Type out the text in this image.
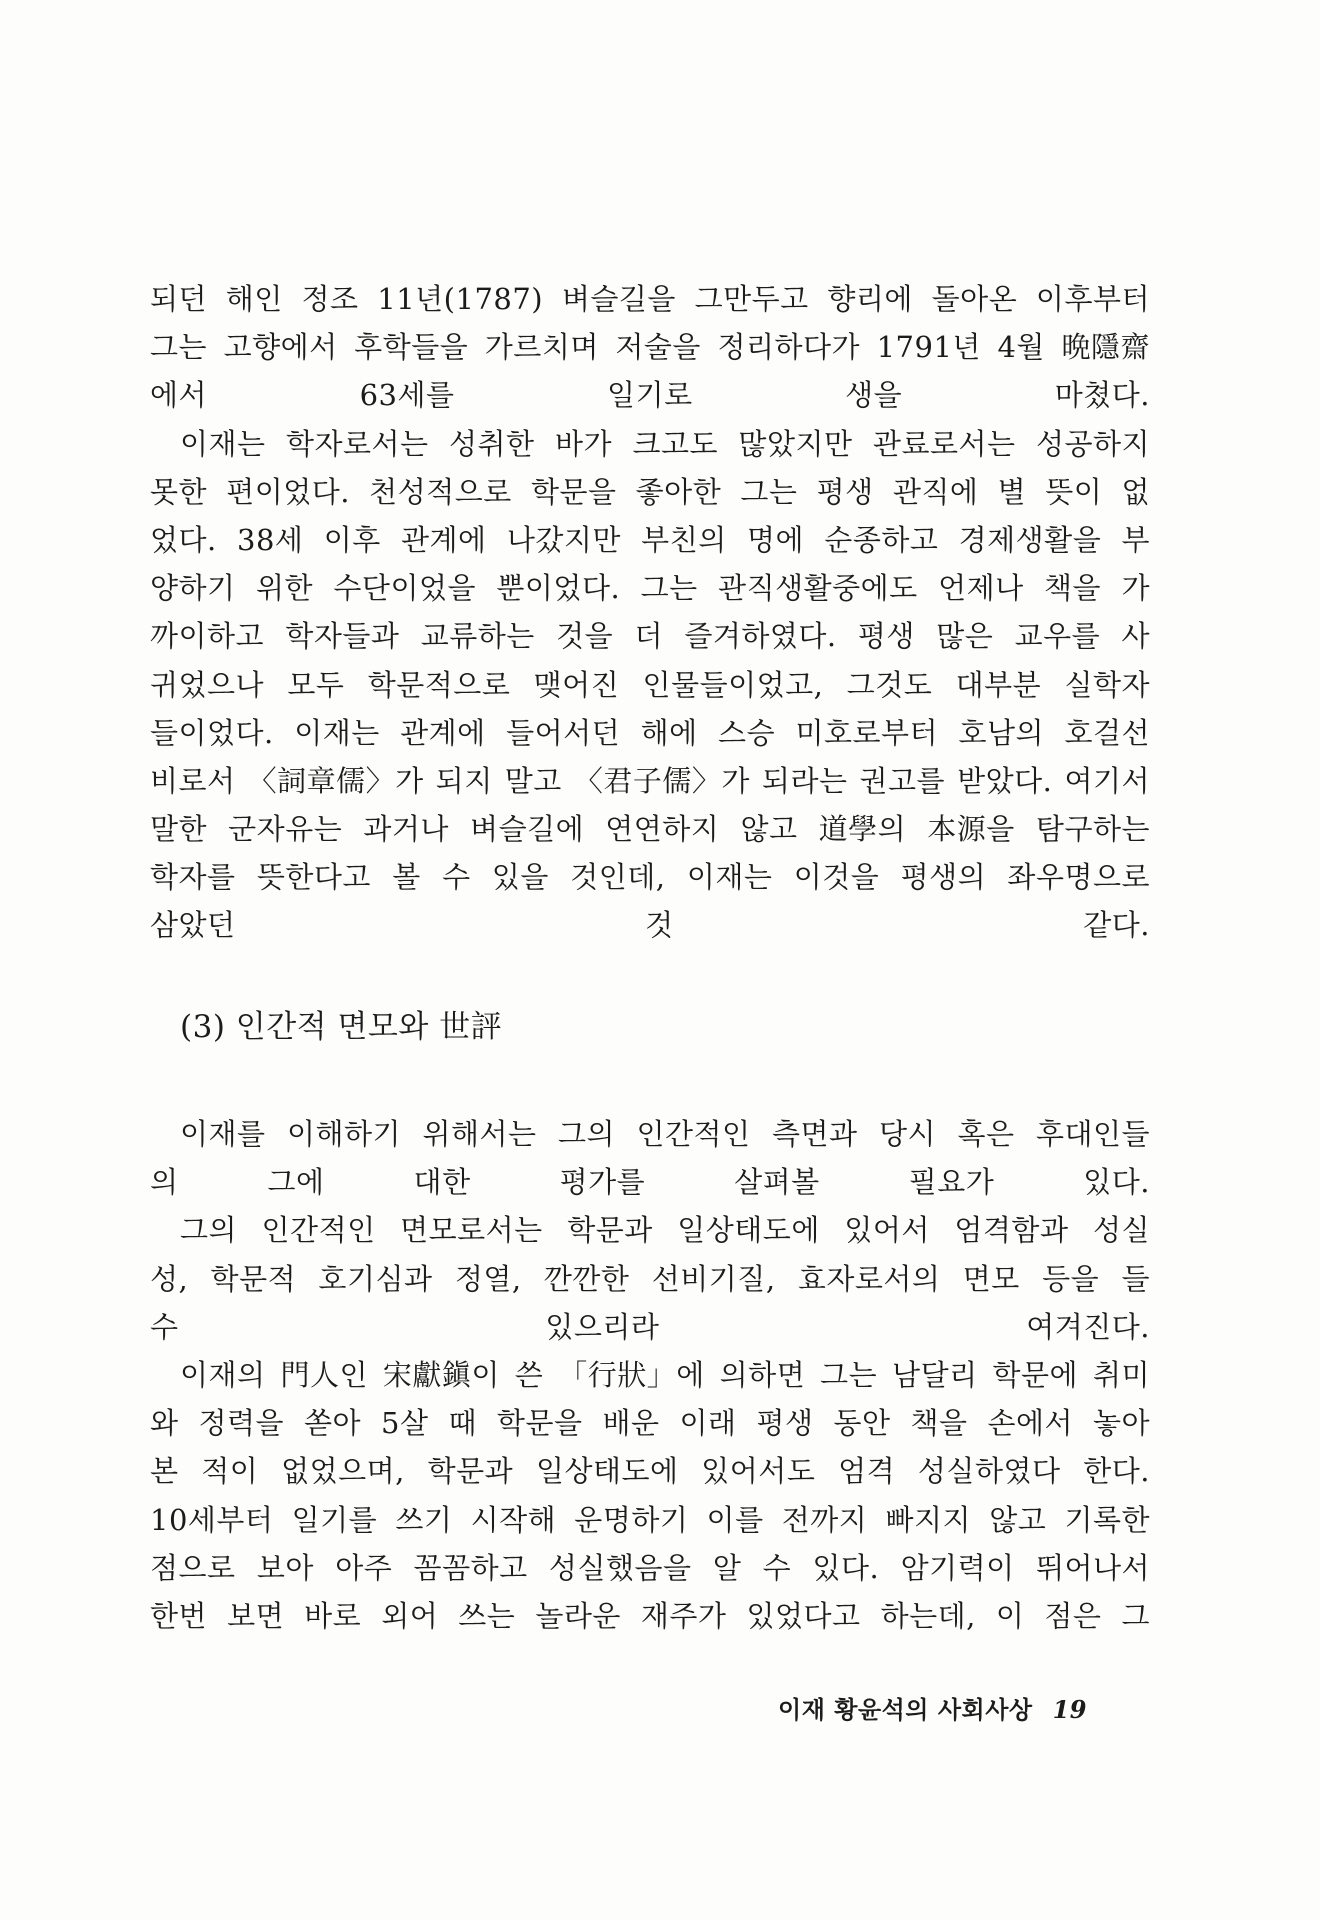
되던 해인 정조 11년(1787) 벼슬길을 그만두고 향리에 돌아온 이후부터
그는 고향에서 후학들을 가르치며 저술을 정리하다가 1791년 4월 晩隱齋
에서 63세를 일기로 생을 마쳤다.
이재는 학자로서는 성취한 바가 크고도 많았지만 관료로서는 성공하지
못한 편이었다. 천성적으로 학문을 좋아한 그는 평생 관직에 별 뜻이 없
었다. 38세 이후 관계에 나갔지만 부친의 명에 순종하고 경제생활을 부
양하기 위한 수단이었을 뿐이었다. 그는 관직생활중에도 언제나 책을 가
까이하고 학자들과 교류하는 것을 더 즐겨하였다. 평생 많은 교우를 사
귀었으나 모두 학문적으로 맺어진 인물들이었고, 그것도 대부분 실학자
들이었다. 이재는 관계에 들어서던 해에 스승 미호로부터 호남의 호걸선
비로서 〈詞章儒〉가 되지 말고 〈君子儒〉가 되라는 권고를 받았다. 여기서
말한 군자유는 과거나 벼슬길에 연연하지 않고 道學의 本源을 탐구하는
학자를 뜻한다고 볼 수 있을 것인데, 이재는 이것을 평생의 좌우명으로
삼았던 것 같다.
(3) 인간적 면모와 世評
이재를 이해하기 위해서는 그의 인간적인 측면과 당시 혹은 후대인들
의 그에 대한 평가를 살펴볼 필요가 있다.
그의 인간적인 면모로서는 학문과 일상태도에 있어서 엄격함과 성실
성, 학문적 호기심과 정열, 깐깐한 선비기질, 효자로서의 면모 등을 들
수 있으리라 여겨진다.
이재의 門人인 宋獻鎭이 쓴 「行狀」에 의하면 그는 남달리 학문에 취미
와 정력을 쏟아 5살 때 학문을 배운 이래 평생 동안 책을 손에서 놓아
본 적이 없었으며, 학문과 일상태도에 있어서도 엄격 성실하였다 한다.
10세부터 일기를 쓰기 시작해 운명하기 이를 전까지 빠지지 않고 기록한
점으로 보아 아주 꼼꼼하고 성실했음을 알 수 있다. 암기력이 뛰어나서
한번 보면 바로 외어 쓰는 놀라운 재주가 있었다고 하는데, 이 점은 그
이재 황윤석의 사회사상 19
